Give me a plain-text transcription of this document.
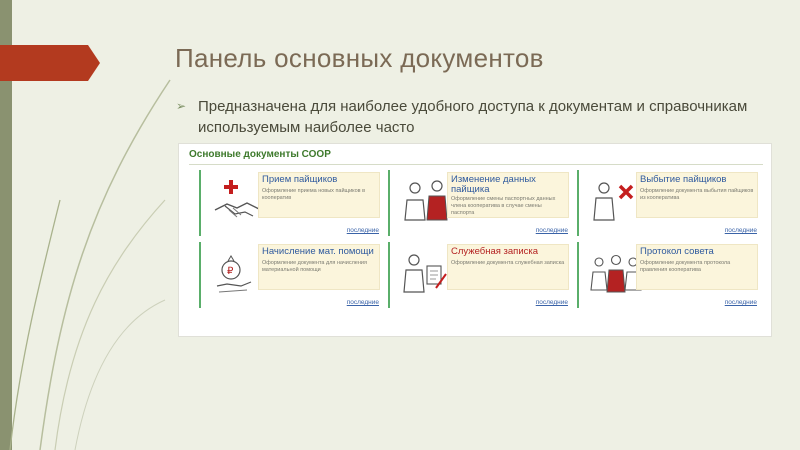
Панель основных документов
➢ Предназначена для наиболее удобного доступа к документам и справочникам используемым наиболее часто
Основные документы СООР
Прием пайщиков
Оформление приема новых пайщиков в кооператив
последние
Изменение данных пайщика
Оформление смены паспортных данных члена кооператива в случае смены паспорта
последние
Выбытие пайщиков
Оформление документа выбытия пайщиков из кооператива
последние
₽
Начисление мат. помощи
Оформление документа для начисления материальной помощи
последние
Служебная записка
Оформление документа служебная записка
последние
Протокол совета
Оформление документа протокола правления кооператива
последние
